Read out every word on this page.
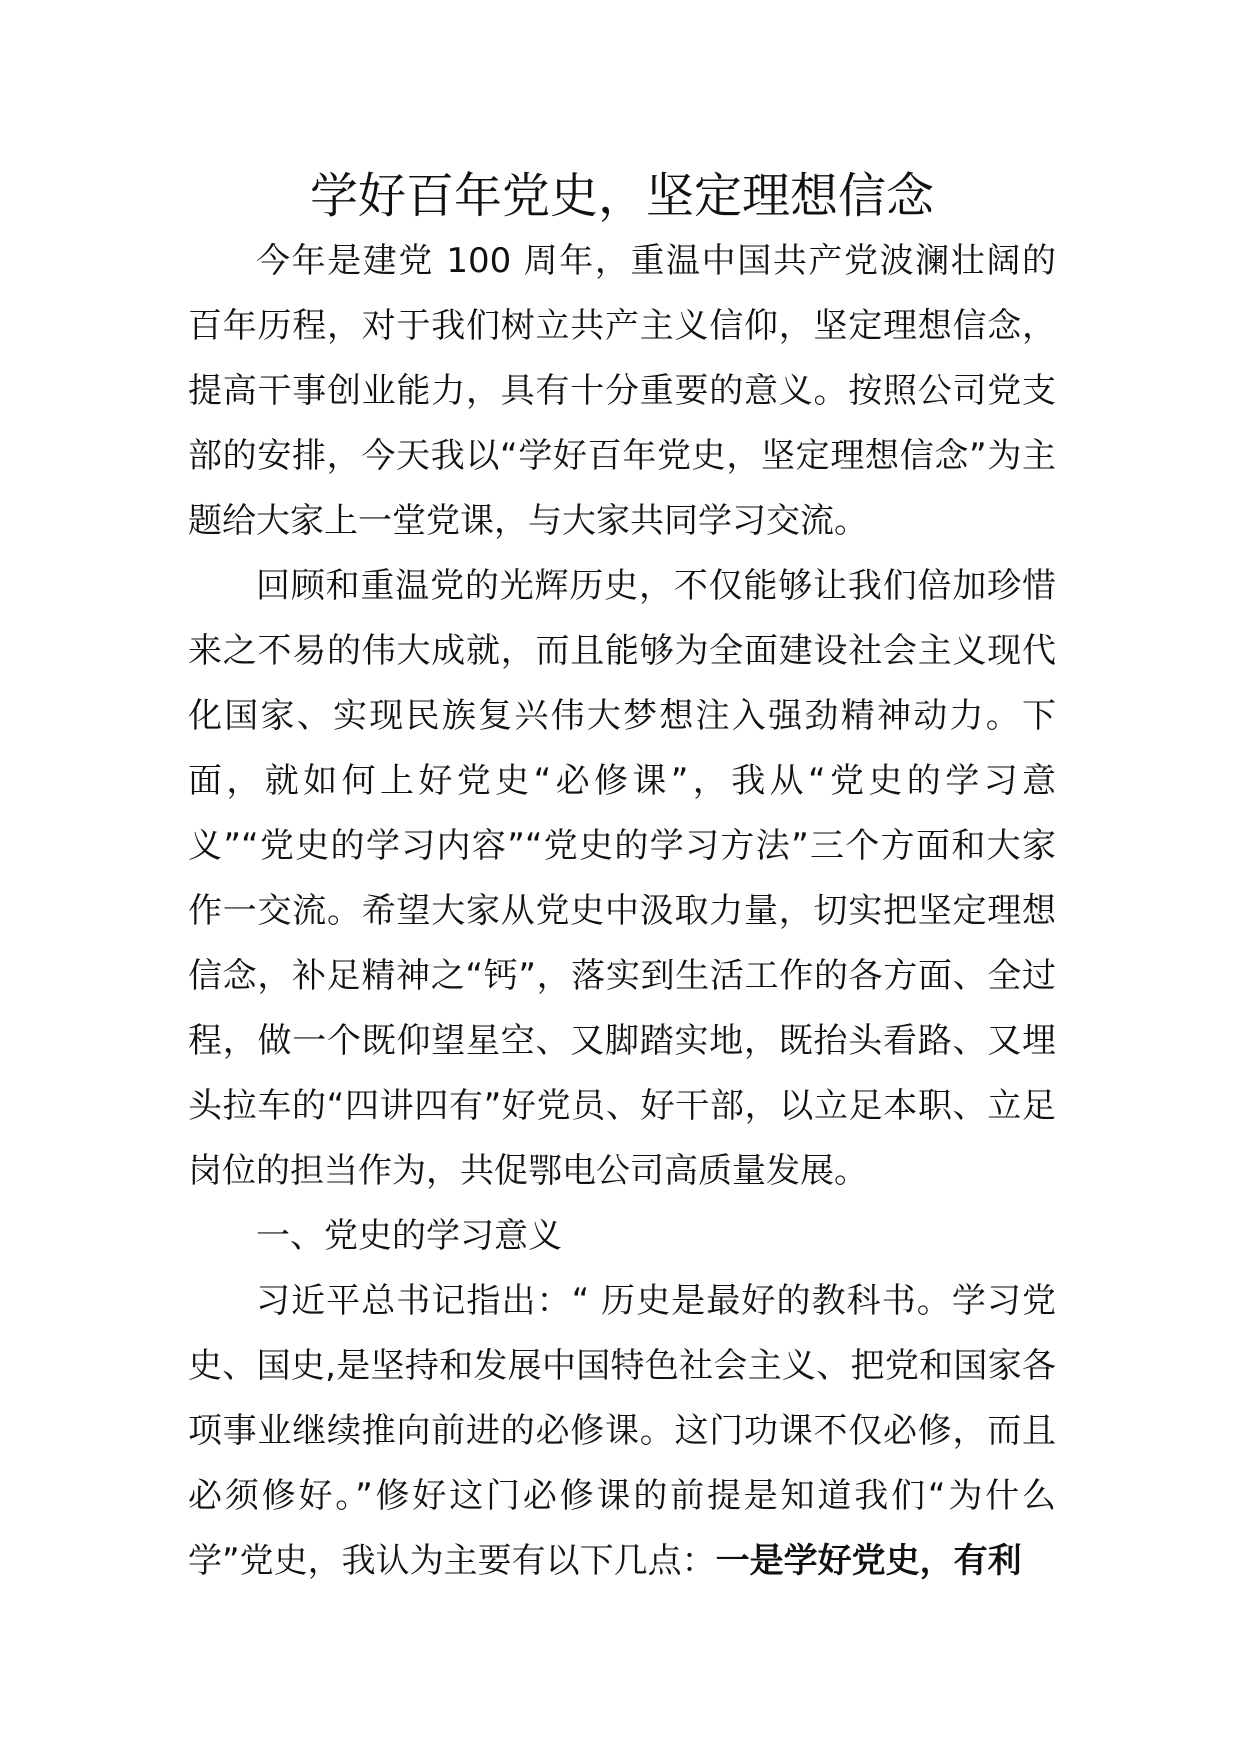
学好百年党史，坚定理想信念

今年是建党 100 周年，重温中国共产党波澜壮阔的百年历程，对于我们树立共产主义信仰，坚定理想信念，提高干事创业能力，具有十分重要的意义。按照公司党支部的安排，今天我以“学好百年党史，坚定理想信念”为主题给大家上一堂党课，与大家共同学习交流。

回顾和重温党的光辉历史，不仅能够让我们倍加珍惜来之不易的伟大成就，而且能够为全面建设社会主义现代化国家、实现民族复兴伟大梦想注入强劲精神动力。下面，就如何上好党史“必修课”，我从“党史的学习意义”“党史的学习内容”“党史的学习方法”三个方面和大家作一交流。希望大家从党史中汲取力量，切实把坚定理想信念，补足精神之“钙”，落实到生活工作的各方面、全过程，做一个既仰望星空、又脚踏实地，既抬头看路、又埋头拉车的“四讲四有”好党员、好干部，以立足本职、立足岗位的担当作为，共促鄂电公司高质量发展。

一、党史的学习意义

习近平总书记指出：“ 历史是最好的教科书。学习党史、国史,是坚持和发展中国特色社会主义、把党和国家各项事业继续推向前进的必修课。这门功课不仅必修，而且必须修好。”修好这门必修课的前提是知道我们“为什么学”党史，我认为主要有以下几点：一是学好党史，有利
